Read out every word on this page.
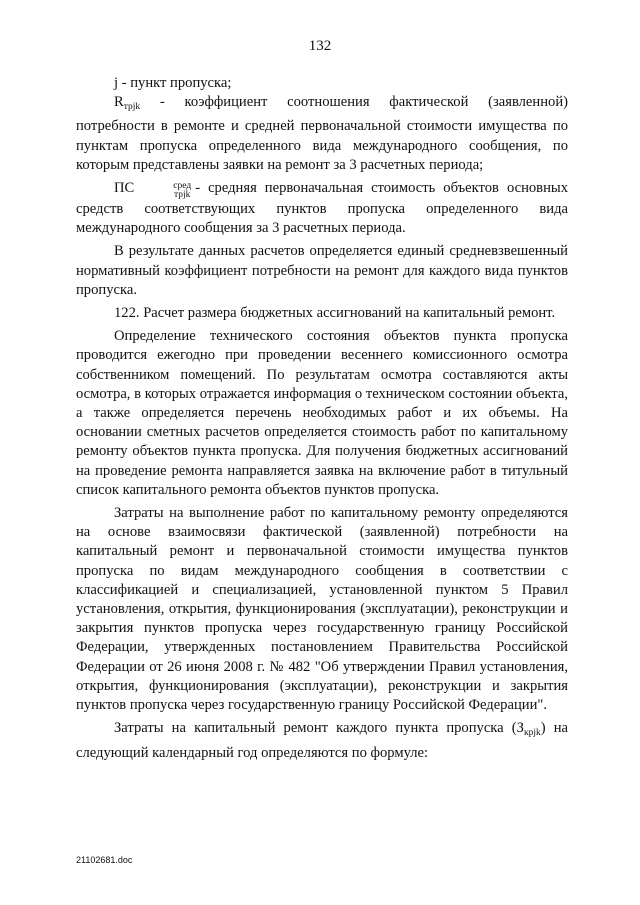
132

j - пункт пропуска;

$R_{трjk}$ - коэффициент соотношения фактической (заявленной) потребности в ремонте и средней первоначальной стоимости имущества по пунктам пропуска определенного вида международного сообщения, по которым представлены заявки на ремонт за 3 расчетных периода;

ПС	сред
трjk - средняя первоначальная стоимость объектов основных средств соответствующих пунктов пропуска определенного вида международного сообщения за 3 расчетных периода.

В результате данных расчетов определяется единый средневзвешенный нормативный коэффициент потребности на ремонт для каждого вида пунктов пропуска.

122. Расчет размера бюджетных ассигнований на капитальный ремонт.

Определение технического состояния объектов пункта пропуска проводится ежегодно при проведении весеннего комиссионного осмотра собственником помещений. По результатам осмотра составляются акты осмотра, в которых отражается информация о техническом состоянии объекта, а также определяется перечень необходимых работ и их объемы. На основании сметных расчетов определяется стоимость работ по капитальному ремонту объектов пункта пропуска. Для получения бюджетных ассигнований на проведение ремонта направляется заявка на включение работ в титульный список капитального ремонта объектов пунктов пропуска.

Затраты на выполнение работ по капитальному ремонту определяются на основе взаимосвязи фактической (заявленной) потребности на капитальный ремонт и первоначальной стоимости имущества пунктов пропуска по видам международного сообщения в соответствии с классификацией и специализацией, установленной пунктом 5 Правил установления, открытия, функционирования (эксплуатации), реконструкции и закрытия пунктов пропуска через государственную границу Российской Федерации, утвержденных постановлением Правительства Российской Федерации от 26 июня 2008 г. № 482 "Об утверждении Правил установления, открытия, функционирования (эксплуатации), реконструкции и закрытия пунктов пропуска через государственную границу Российской Федерации".

Затраты на капитальный ремонт каждого пункта пропуска $(З_{крjk})$ на следующий календарный год определяются по формуле:

21102681.doc
